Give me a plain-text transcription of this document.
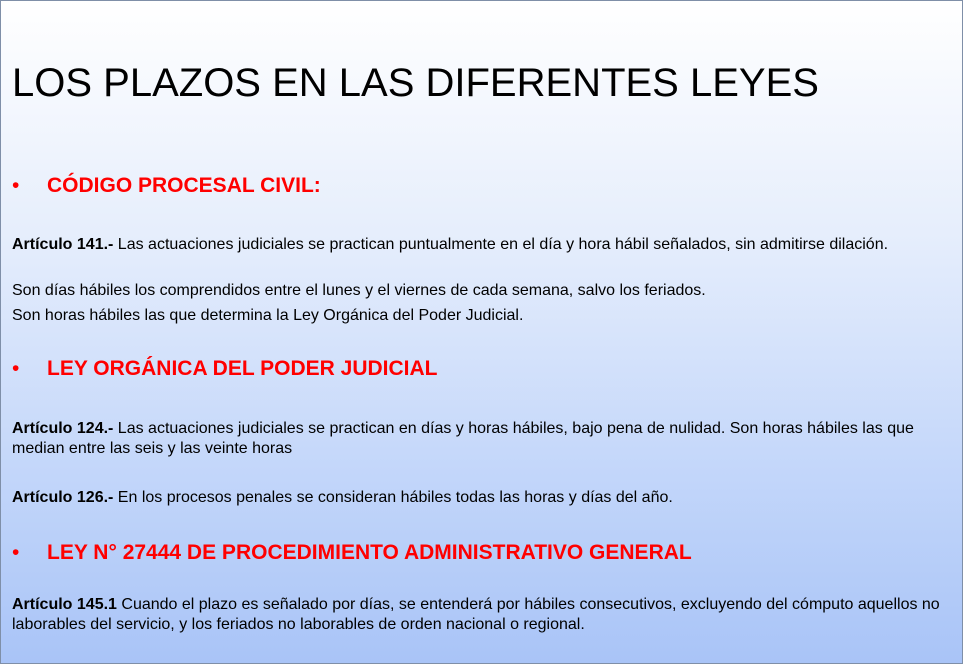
LOS PLAZOS EN LAS DIFERENTES LEYES
• CÓDIGO PROCESAL CIVIL:

Artículo 141.- Las actuaciones judiciales se practican puntualmente en el día y hora hábil señalados, sin admitirse dilación.

Son días hábiles los comprendidos entre el lunes y el viernes de cada semana, salvo los feriados.

Son horas hábiles las que determina la Ley Orgánica del Poder Judicial.

• LEY ORGÁNICA DEL PODER JUDICIAL

Artículo 124.- Las actuaciones judiciales se practican en días y horas hábiles, bajo pena de nulidad. Son horas hábiles las que median entre las seis y las veinte horas

Artículo 126.- En los procesos penales se consideran hábiles todas las horas y días del año.

• LEY N° 27444 DE PROCEDIMIENTO ADMINISTRATIVO GENERAL

Artículo 145.1 Cuando el plazo es señalado por días, se entenderá por hábiles consecutivos, excluyendo del cómputo aquellos no laborables del servicio, y los feriados no laborables de orden nacional o regional.
